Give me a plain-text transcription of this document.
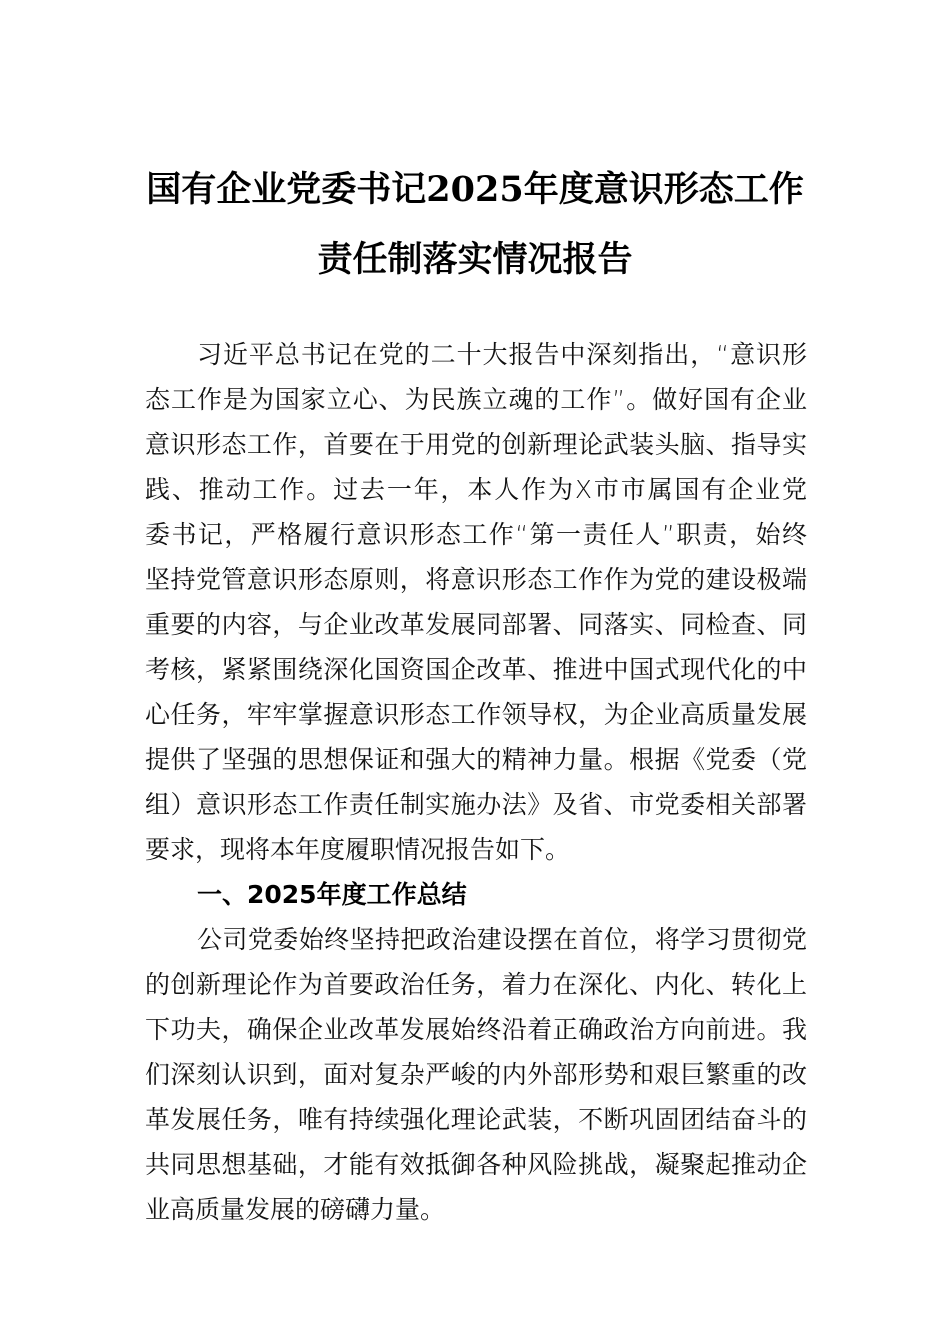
国有企业党委书记2025年度意识形态工作
责任制落实情况报告
习近平总书记在党的二十大报告中深刻指出，“意识形
态工作是为国家立心、为民族立魂的工作”。做好国有企业
意识形态工作，首要在于用党的创新理论武装头脑、指导实
践、推动工作。过去一年，本人作为X市市属国有企业党
委书记，严格履行意识形态工作“第一责任人”职责，始终
坚持党管意识形态原则，将意识形态工作作为党的建设极端
重要的内容，与企业改革发展同部署、同落实、同检查、同
考核，紧紧围绕深化国资国企改革、推进中国式现代化的中
心任务，牢牢掌握意识形态工作领导权，为企业高质量发展
提供了坚强的思想保证和强大的精神力量。根据《党委（党
组）意识形态工作责任制实施办法》及省、市党委相关部署
要求，现将本年度履职情况报告如下。
一、2025年度工作总结
公司党委始终坚持把政治建设摆在首位，将学习贯彻党
的创新理论作为首要政治任务，着力在深化、内化、转化上
下功夫，确保企业改革发展始终沿着正确政治方向前进。我
们深刻认识到，面对复杂严峻的内外部形势和艰巨繁重的改
革发展任务，唯有持续强化理论武装，不断巩固团结奋斗的
共同思想基础，才能有效抵御各种风险挑战，凝聚起推动企
业高质量发展的磅礴力量。
